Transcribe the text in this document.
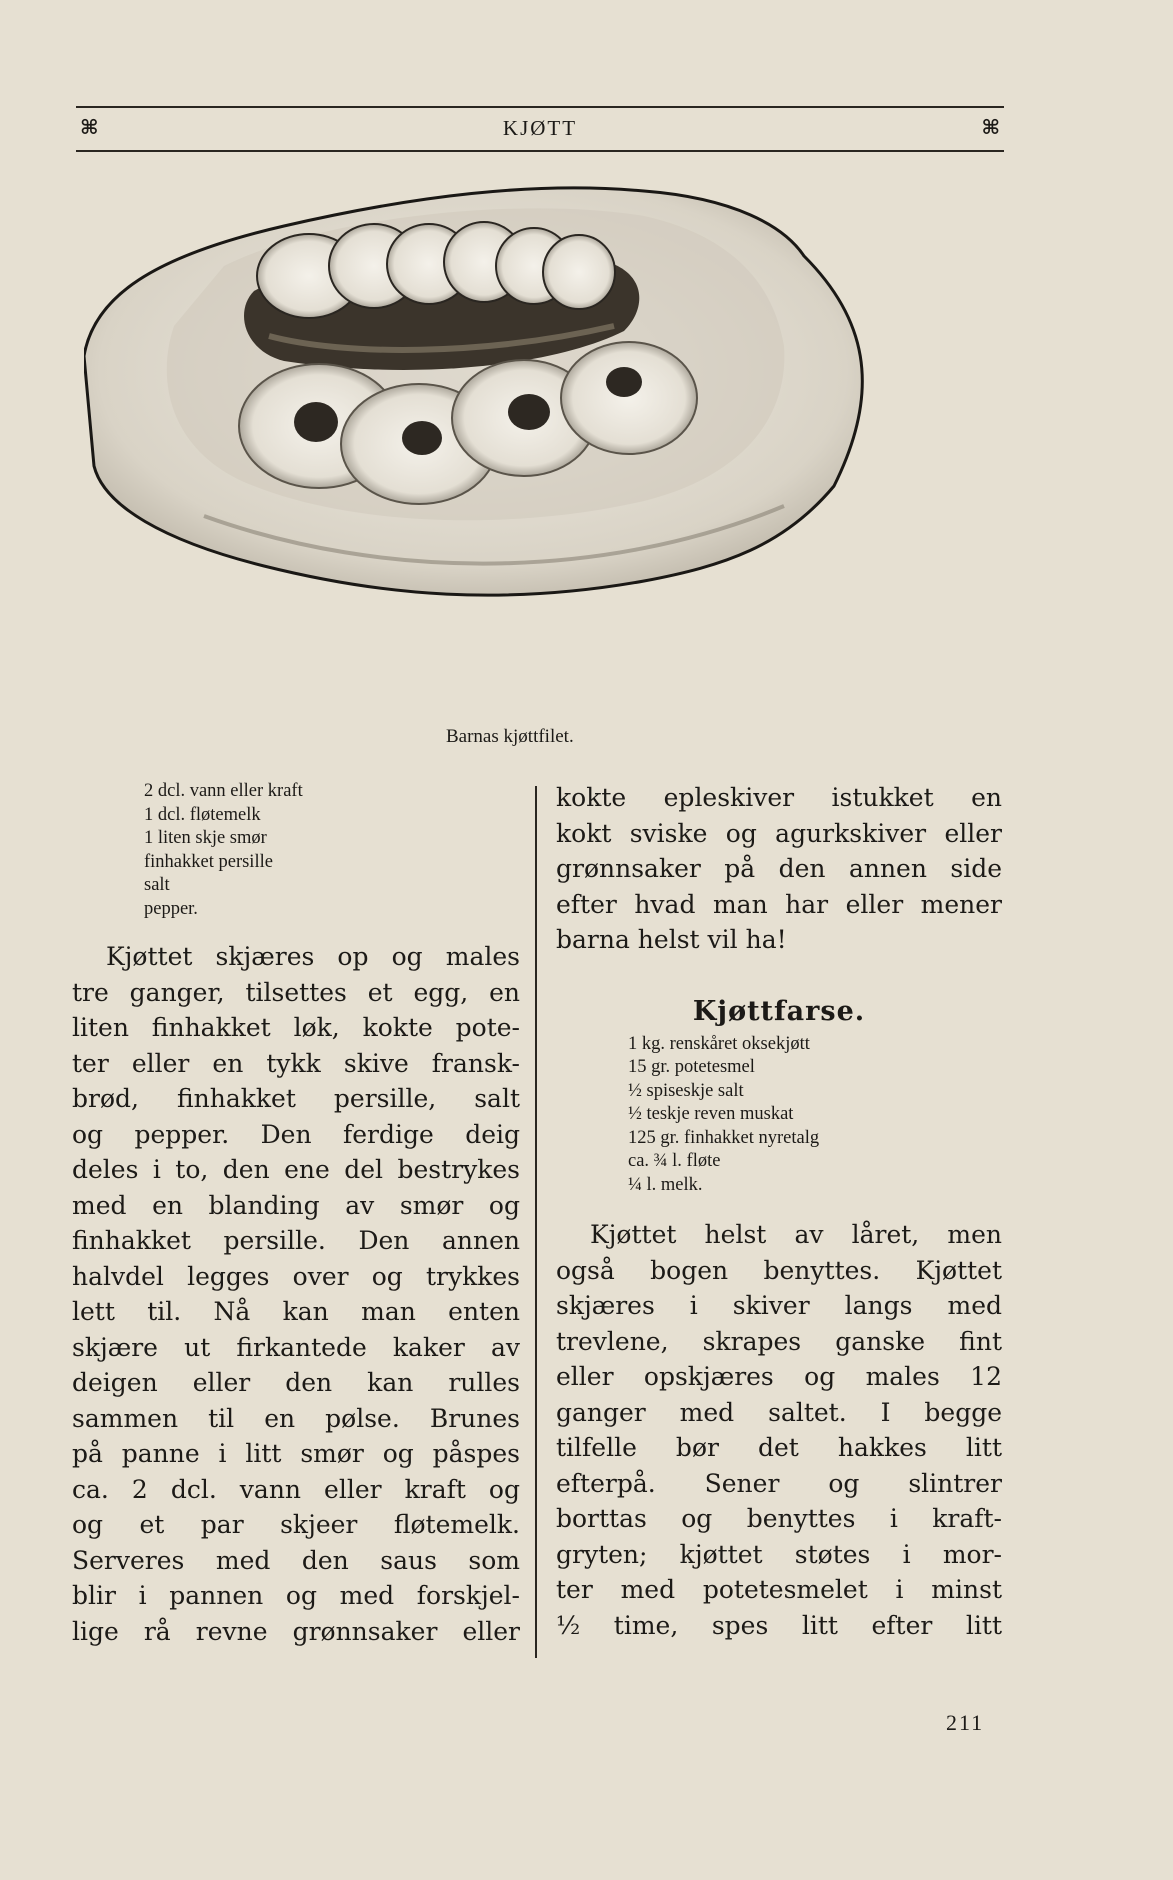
⌘	KJØTT	⌘
Barnas kjøttfilet.
2 dcl. vann eller kraft
1 dcl. fløtemelk
1 liten skje smør
finhakket persille
salt
pepper.
Kjøttet skjæres op og males
tre ganger, tilsettes et egg, en
liten finhakket løk, kokte pote-
ter eller en tykk skive fransk-
brød, finhakket persille, salt
og pepper. Den ferdige deig
deles i to, den ene del bestrykes
med en blanding av smør og
finhakket persille. Den annen
halvdel legges over og trykkes
lett til. Nå kan man enten
skjære ut firkantede kaker av
deigen eller den kan rulles
sammen til en pølse. Brunes
på panne i litt smør og påspes
ca. 2 dcl. vann eller kraft og
og et par skjeer fløtemelk.
Serveres med den saus som
blir i pannen og med forskjel-
lige rå revne grønnsaker eller
kokte epleskiver istukket en
kokt sviske og agurkskiver eller
grønnsaker på den annen side
efter hvad man har eller mener
barna helst vil ha!
Kjøttfarse.
1 kg. renskåret oksekjøtt
15 gr. potetesmel
½ spiseskje salt
½ teskje reven muskat
125 gr. finhakket nyretalg
ca. ¾ l. fløte
¼ l. melk.
Kjøttet helst av låret, men
også bogen benyttes. Kjøttet
skjæres i skiver langs med
trevlene, skrapes ganske fint
eller opskjæres og males 12
ganger med saltet. I begge
tilfelle bør det hakkes litt
efterpå. Sener og slintrer
borttas og benyttes i kraft-
gryten; kjøttet støtes i mor-
ter med potetesmelet i minst
½ time, spes litt efter litt
211
